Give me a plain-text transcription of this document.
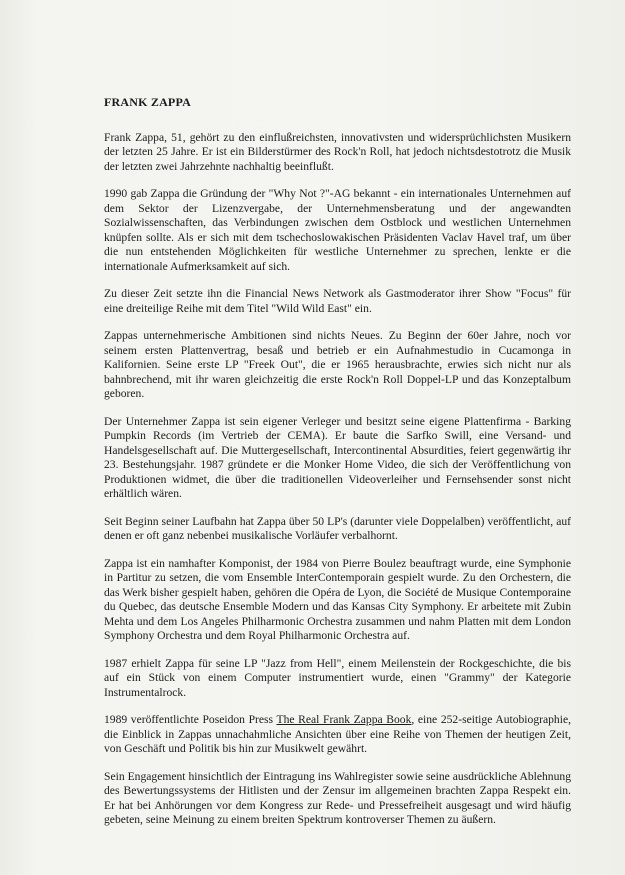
FRANK ZAPPA

Frank Zappa, 51, gehört zu den einflußreichsten, innovativsten und widersprüchlichsten Musikern der letzten 25 Jahre. Er ist ein Bilderstürmer des Rock'n Roll, hat jedoch nichtsdestotrotz die Musik der letzten zwei Jahrzehnte nachhaltig beeinflußt.

1990 gab Zappa die Gründung der "Why Not ?"-AG bekannt - ein internationales Unternehmen auf dem Sektor der Lizenzvergabe, der Unternehmensberatung und der angewandten Sozialwissenschaften, das Verbindungen zwischen dem Ostblock und westlichen Unternehmen knüpfen sollte. Als er sich mit dem tschechoslowakischen Präsidenten Vaclav Havel traf, um über die nun entstehenden Möglichkeiten für westliche Unternehmer zu sprechen, lenkte er die internationale Aufmerksamkeit auf sich.

Zu dieser Zeit setzte ihn die Financial News Network als Gastmoderator ihrer Show "Focus" für eine dreiteilige Reihe mit dem Titel "Wild Wild East" ein.

Zappas unternehmerische Ambitionen sind nichts Neues. Zu Beginn der 60er Jahre, noch vor seinem ersten Plattenvertrag, besaß und betrieb er ein Aufnahmestudio in Cucamonga in Kalifornien. Seine erste LP "Freek Out", die er 1965 herausbrachte, erwies sich nicht nur als bahnbrechend, mit ihr waren gleichzeitig die erste Rock'n Roll Doppel-LP und das Konzeptalbum geboren.

Der Unternehmer Zappa ist sein eigener Verleger und besitzt seine eigene Plattenfirma - Barking Pumpkin Records (im Vertrieb der CEMA). Er baute die Sarfko Swill, eine Versand- und Handelsgesellschaft auf. Die Muttergesellschaft, Intercontinental Absurdities, feiert gegenwärtig ihr 23. Bestehungsjahr. 1987 gründete er die Monker Home Video, die sich der Veröffentlichung von Produktionen widmet, die über die traditionellen Videoverleiher und Fernsehsender sonst nicht erhältlich wären.

Seit Beginn seiner Laufbahn hat Zappa über 50 LP's (darunter viele Doppelalben) veröffentlicht, auf denen er oft ganz nebenbei musikalische Vorläufer verbalhornt.

Zappa ist ein namhafter Komponist, der 1984 von Pierre Boulez beauftragt wurde, eine Symphonie in Partitur zu setzen, die vom Ensemble InterContemporain gespielt wurde. Zu den Orchestern, die das Werk bisher gespielt haben, gehören die Opéra de Lyon, die Société de Musique Contemporaine du Quebec, das deutsche Ensemble Modern und das Kansas City Symphony. Er arbeitete mit Zubin Mehta und dem Los Angeles Philharmonic Orchestra zusammen und nahm Platten mit dem London Symphony Orchestra und dem Royal Philharmonic Orchestra auf.

1987 erhielt Zappa für seine LP "Jazz from Hell", einem Meilenstein der Rockgeschichte, die bis auf ein Stück von einem Computer instrumentiert wurde, einen "Grammy" der Kategorie Instrumentalrock.

1989 veröffentlichte Poseidon Press The Real Frank Zappa Book, eine 252-seitige Autobiographie, die Einblick in Zappas unnachahmliche Ansichten über eine Reihe von Themen der heutigen Zeit, von Geschäft und Politik bis hin zur Musikwelt gewährt.

Sein Engagement hinsichtlich der Eintragung ins Wahlregister sowie seine ausdrückliche Ablehnung des Bewertungssystems der Hitlisten und der Zensur im allgemeinen brachten Zappa Respekt ein. Er hat bei Anhörungen vor dem Kongress zur Rede- und Pressefreiheit ausgesagt und wird häufig gebeten, seine Meinung zu einem breiten Spektrum kontroverser Themen zu äußern.
